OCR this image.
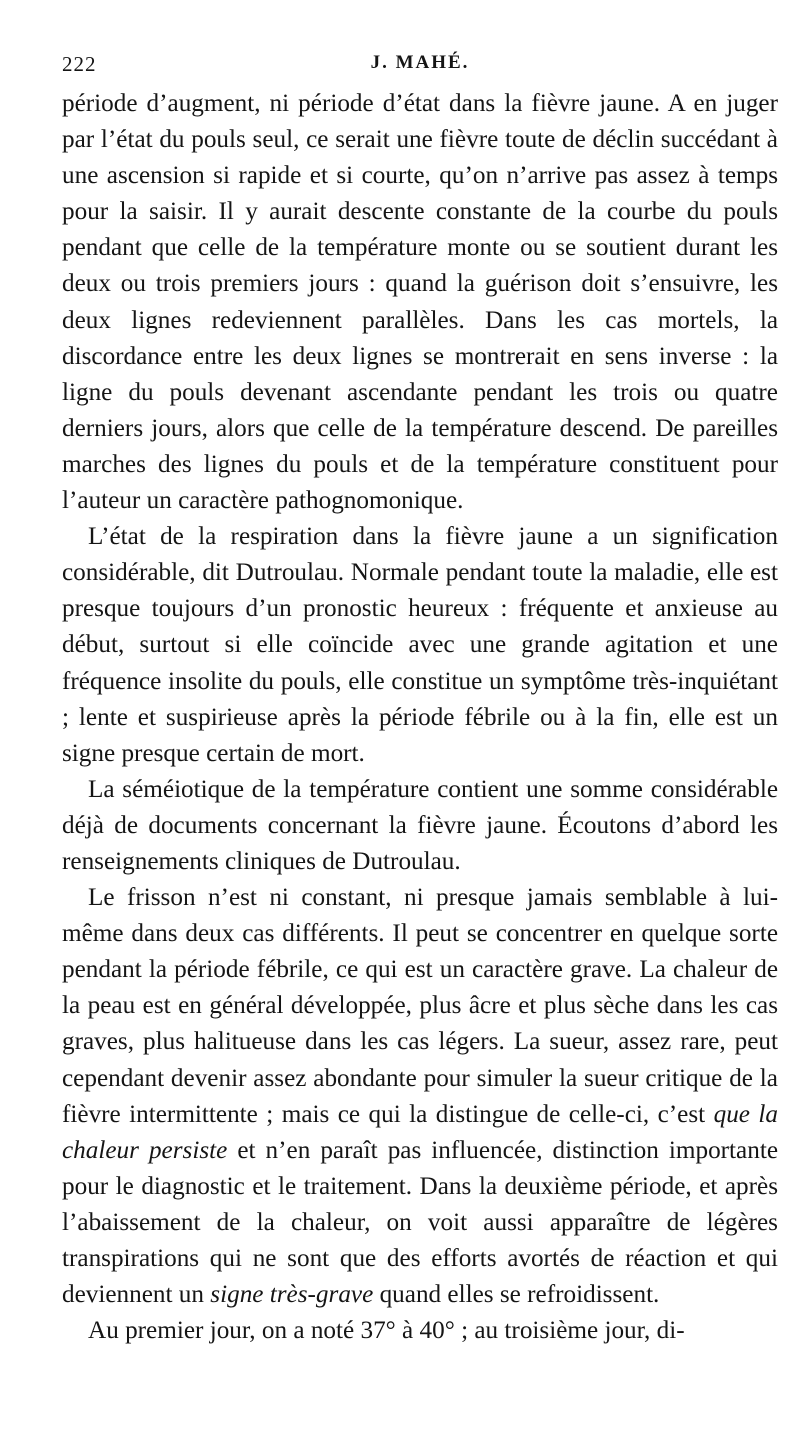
222	J. MAHÉ.

période d’augment, ni période d’état dans la fièvre jaune. A en juger par l’état du pouls seul, ce serait une fièvre toute de déclin succédant à une ascension si rapide et si courte, qu’on n’arrive pas assez à temps pour la saisir. Il y aurait descente constante de la courbe du pouls pendant que celle de la température monte ou se soutient durant les deux ou trois premiers jours : quand la guérison doit s’ensuivre, les deux lignes redeviennent parallèles. Dans les cas mortels, la discordance entre les deux lignes se montrerait en sens inverse : la ligne du pouls devenant ascendante pendant les trois ou quatre derniers jours, alors que celle de la température descend. De pareilles marches des lignes du pouls et de la température constituent pour l’auteur un caractère pathognomonique.

L’état de la respiration dans la fièvre jaune a un signification considérable, dit Dutroulau. Normale pendant toute la maladie, elle est presque toujours d’un pronostic heureux : fréquente et anxieuse au début, surtout si elle coïncide avec une grande agitation et une fréquence insolite du pouls, elle constitue un symptôme très-inquiétant ; lente et suspirieuse après la période fébrile ou à la fin, elle est un signe presque certain de mort.

La séméiotique de la température contient une somme considérable déjà de documents concernant la fièvre jaune. Écoutons d’abord les renseignements cliniques de Dutroulau.

Le frisson n’est ni constant, ni presque jamais semblable à lui-même dans deux cas différents. Il peut se concentrer en quelque sorte pendant la période fébrile, ce qui est un caractère grave. La chaleur de la peau est en général développée, plus âcre et plus sèche dans les cas graves, plus halitueuse dans les cas légers. La sueur, assez rare, peut cependant devenir assez abondante pour simuler la sueur critique de la fièvre intermittente ; mais ce qui la distingue de celle-ci, c’est que la chaleur persiste et n’en paraît pas influencée, distinction importante pour le diagnostic et le traitement. Dans la deuxième période, et après l’abaissement de la chaleur, on voit aussi apparaître de légères transpirations qui ne sont que des efforts avortés de réaction et qui deviennent un signe très-grave quand elles se refroidissent.

Au premier jour, on a noté 37° à 40° ; au troisième jour, di-
